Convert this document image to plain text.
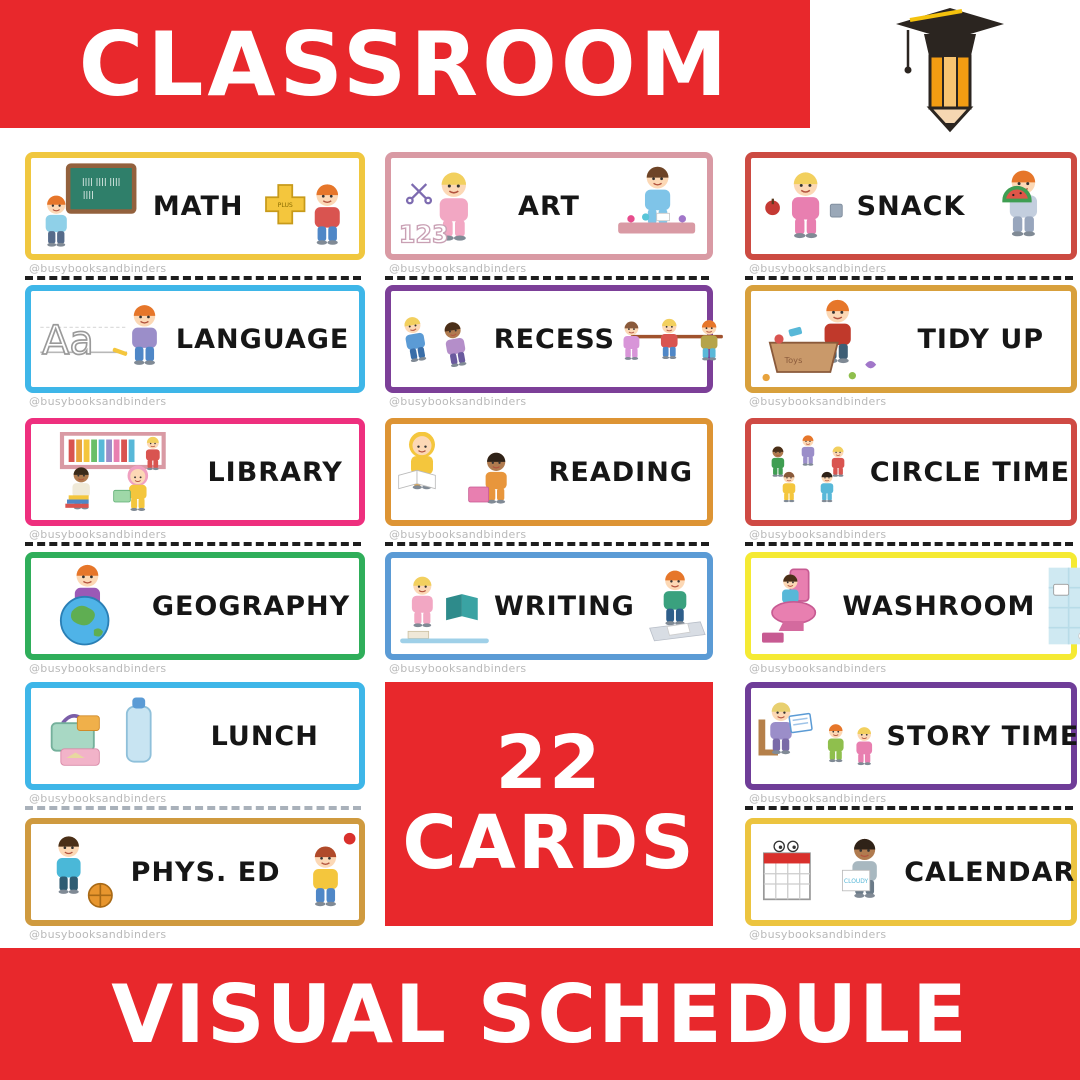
CLASSROOM
22
CARDS
VISUAL SCHEDULE
|||| |||| ||||
||||	MATH	PLUS
@busybooksandbinders
123
ART
@busybooksandbinders
SNACK
@busybooksandbinders
Aa	LANGUAGE
@busybooksandbinders
RECESS
@busybooksandbinders
Toys
TIDY UP
@busybooksandbinders
LIBRARY
@busybooksandbinders
READING
@busybooksandbinders
CIRCLE TIME
@busybooksandbinders
GEOGRAPHY
@busybooksandbinders
WRITING
@busybooksandbinders
WASHROOM
@busybooksandbinders
LUNCH
@busybooksandbinders
STORY TIME
@busybooksandbinders
PHYS. ED
@busybooksandbinders
CLOUDY CALENDAR
@busybooksandbinders
